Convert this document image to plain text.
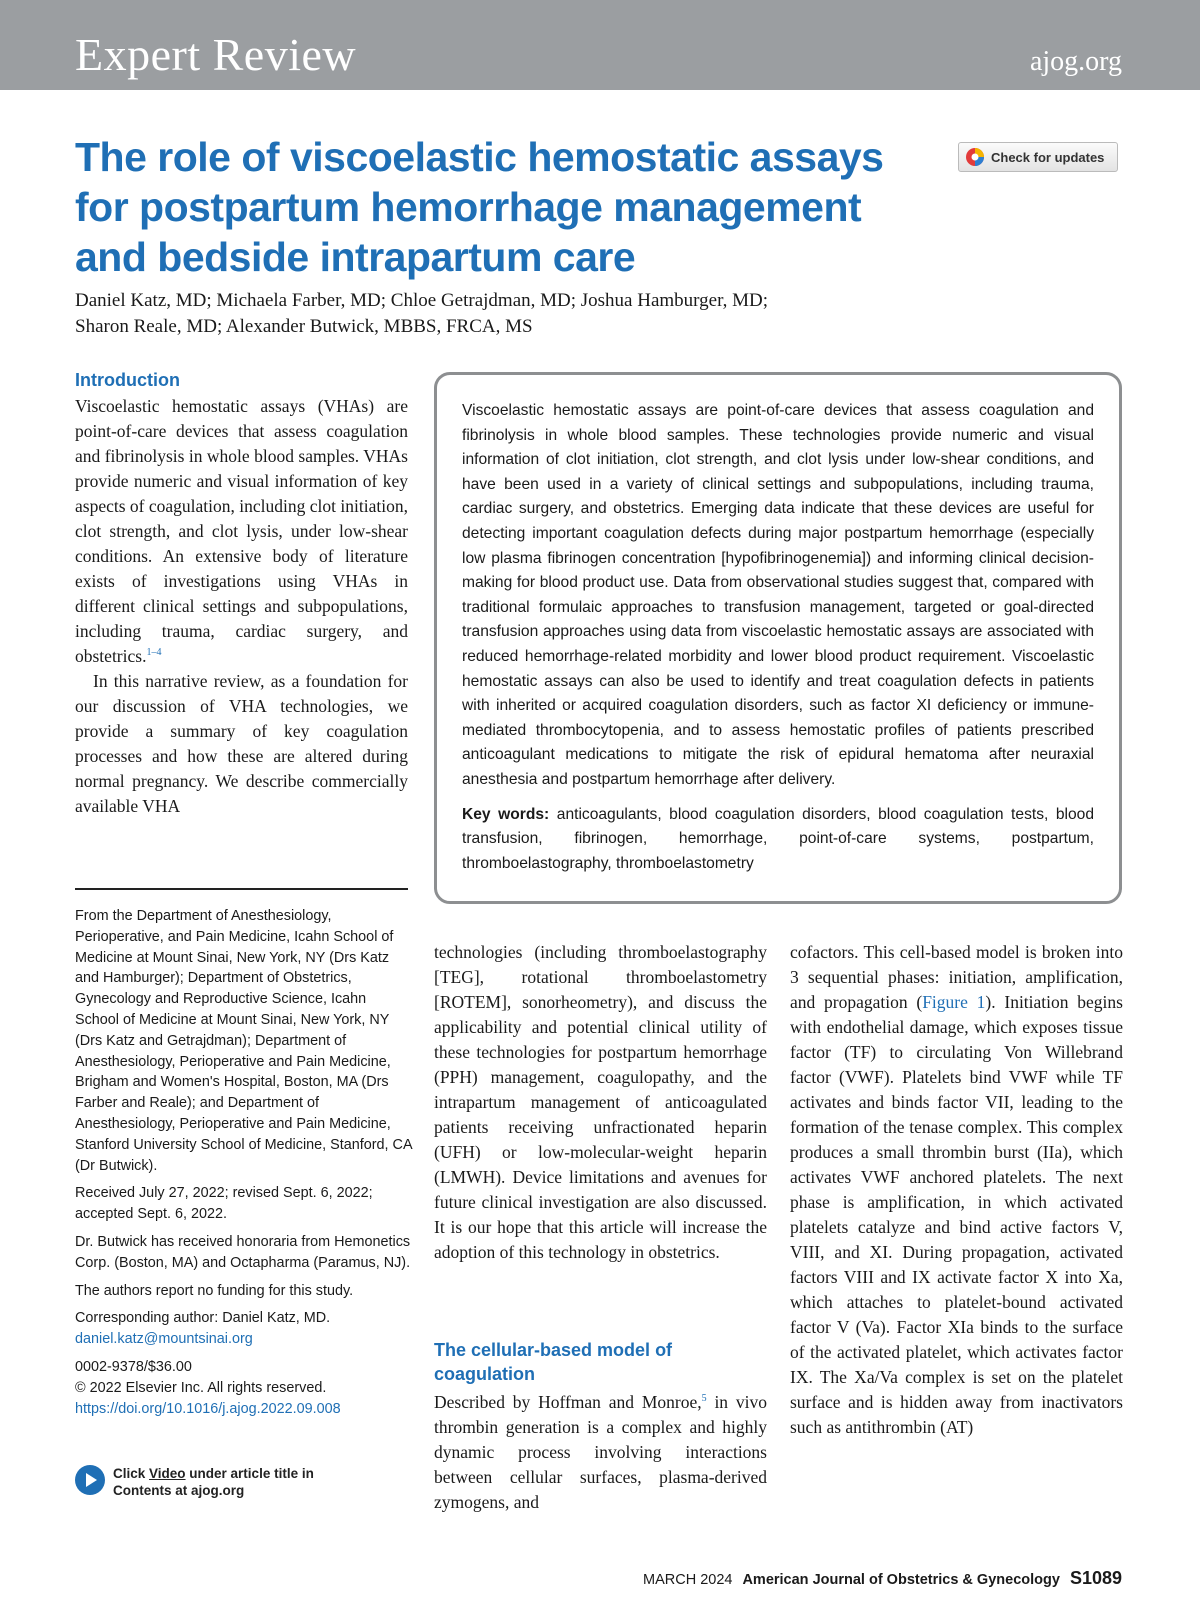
Expert Review	ajog.org
The role of viscoelastic hemostatic assays for postpartum hemorrhage management and bedside intrapartum care
Check for updates
Daniel Katz, MD; Michaela Farber, MD; Chloe Getrajdman, MD; Joshua Hamburger, MD;
Sharon Reale, MD; Alexander Butwick, MBBS, FRCA, MS
Introduction

Viscoelastic hemostatic assays (VHAs) are point-of-care devices that assess coagulation and fibrinolysis in whole blood samples. VHAs provide numeric and visual information of key aspects of coagulation, including clot initiation, clot strength, and clot lysis, under low-shear conditions. An extensive body of literature exists of investigations using VHAs in different clinical settings and subpopulations, including trauma, cardiac surgery, and obstetrics.$^{1-4}$

In this narrative review, as a foundation for our discussion of VHA technologies, we provide a summary of key coagulation processes and how these are altered during normal pregnancy. We describe commercially available VHA

Viscoelastic hemostatic assays are point-of-care devices that assess coagulation and fibrinolysis in whole blood samples. These technologies provide numeric and visual information of clot initiation, clot strength, and clot lysis under low-shear conditions, and have been used in a variety of clinical settings and subpopulations, including trauma, cardiac surgery, and obstetrics. Emerging data indicate that these devices are useful for detecting important coagulation defects during major postpartum hemorrhage (especially low plasma fibrinogen concentration [hypofibrinogenemia]) and informing clinical decision-making for blood product use. Data from observational studies suggest that, compared with traditional formulaic approaches to transfusion management, targeted or goal-directed transfusion approaches using data from viscoelastic hemostatic assays are associated with reduced hemorrhage-related morbidity and lower blood product requirement. Viscoelastic hemostatic assays can also be used to identify and treat coagulation defects in patients with inherited or acquired coagulation disorders, such as factor XI deficiency or immune-mediated thrombocytopenia, and to assess hemostatic profiles of patients prescribed anticoagulant medications to mitigate the risk of epidural hematoma after neuraxial anesthesia and postpartum hemorrhage after delivery.

Key words: anticoagulants, blood coagulation disorders, blood coagulation tests, blood transfusion, fibrinogen, hemorrhage, point-of-care systems, postpartum, thromboelastography, thromboelastometry

From the Department of Anesthesiology, Perioperative, and Pain Medicine, Icahn School of Medicine at Mount Sinai, New York, NY (Drs Katz and Hamburger); Department of Obstetrics, Gynecology and Reproductive Science, Icahn School of Medicine at Mount Sinai, New York, NY (Drs Katz and Getrajdman); Department of Anesthesiology, Perioperative and Pain Medicine, Brigham and Women's Hospital, Boston, MA (Drs Farber and Reale); and Department of Anesthesiology, Perioperative and Pain Medicine, Stanford University School of Medicine, Stanford, CA (Dr Butwick).

Received July 27, 2022; revised Sept. 6, 2022; accepted Sept. 6, 2022.

Dr. Butwick has received honoraria from Hemonetics Corp. (Boston, MA) and Octapharma (Paramus, NJ).

The authors report no funding for this study.

Corresponding author: Daniel Katz, MD. daniel.katz@mountsinai.org

0002-9378/$36.00

© 2022 Elsevier Inc. All rights reserved.

https://doi.org/10.1016/j.ajog.2022.09.008

Click Video under article title in Contents at ajog.org

technologies (including thromboelastography [TEG], rotational thromboelastometry [ROTEM], sonorheometry), and discuss the applicability and potential clinical utility of these technologies for postpartum hemorrhage (PPH) management, coagulopathy, and the intrapartum management of anticoagulated patients receiving unfractionated heparin (UFH) or low-molecular-weight heparin (LMWH). Device limitations and avenues for future clinical investigation are also discussed. It is our hope that this article will increase the adoption of this technology in obstetrics.

The cellular-based model of coagulation

Described by Hoffman and Monroe,$^5$ in vivo thrombin generation is a complex and highly dynamic process involving interactions between cellular surfaces, plasma-derived zymogens, and

cofactors. This cell-based model is broken into 3 sequential phases: initiation, amplification, and propagation (Figure 1). Initiation begins with endothelial damage, which exposes tissue factor (TF) to circulating Von Willebrand factor (VWF). Platelets bind VWF while TF activates and binds factor VII, leading to the formation of the tenase complex. This complex produces a small thrombin burst (IIa), which activates VWF anchored platelets. The next phase is amplification, in which activated platelets catalyze and bind active factors V, VIII, and XI. During propagation, activated factors VIII and IX activate factor X into Xa, which attaches to platelet-bound activated factor V (Va). Factor XIa binds to the surface of the activated platelet, which activates factor IX. The Xa/Va complex is set on the platelet surface and is hidden away from inactivators such as antithrombin (AT)

MARCH 2024 American Journal of Obstetrics & Gynecology S1089
